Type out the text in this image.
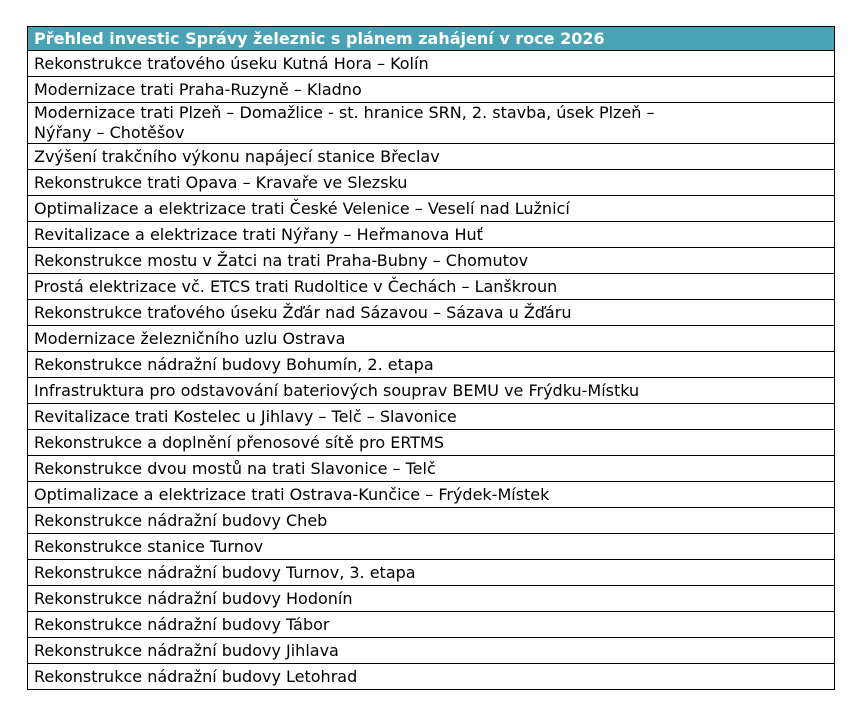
Přehled investic Správy železnic s plánem zahájení v roce 2026

Rekonstrukce traťového úseku Kutná Hora – Kolín

Modernizace trati Praha-Ruzyně – Kladno

Modernizace trati Plzeň – Domažlice - st. hranice SRN, 2. stavba, úsek Plzeň – Nýřany – Chotěšov

Zvýšení trakčního výkonu napájecí stanice Břeclav

Rekonstrukce trati Opava – Kravaře ve Slezsku

Optimalizace a elektrizace trati České Velenice – Veselí nad Lužnicí

Revitalizace a elektrizace trati Nýřany – Heřmanova Huť

Rekonstrukce mostu v Žatci na trati Praha-Bubny – Chomutov

Prostá elektrizace vč. ETCS trati Rudoltice v Čechách – Lanškroun

Rekonstrukce traťového úseku Žďár nad Sázavou – Sázava u Žďáru

Modernizace železničního uzlu Ostrava

Rekonstrukce nádražní budovy Bohumín, 2. etapa

Infrastruktura pro odstavování bateriových souprav BEMU ve Frýdku-Místku

Revitalizace trati Kostelec u Jihlavy – Telč – Slavonice

Rekonstrukce a doplnění přenosové sítě pro ERTMS

Rekonstrukce dvou mostů na trati Slavonice – Telč

Optimalizace a elektrizace trati Ostrava-Kunčice – Frýdek-Místek

Rekonstrukce nádražní budovy Cheb

Rekonstrukce stanice Turnov

Rekonstrukce nádražní budovy Turnov, 3. etapa

Rekonstrukce nádražní budovy Hodonín

Rekonstrukce nádražní budovy Tábor

Rekonstrukce nádražní budovy Jihlava

Rekonstrukce nádražní budovy Letohrad
